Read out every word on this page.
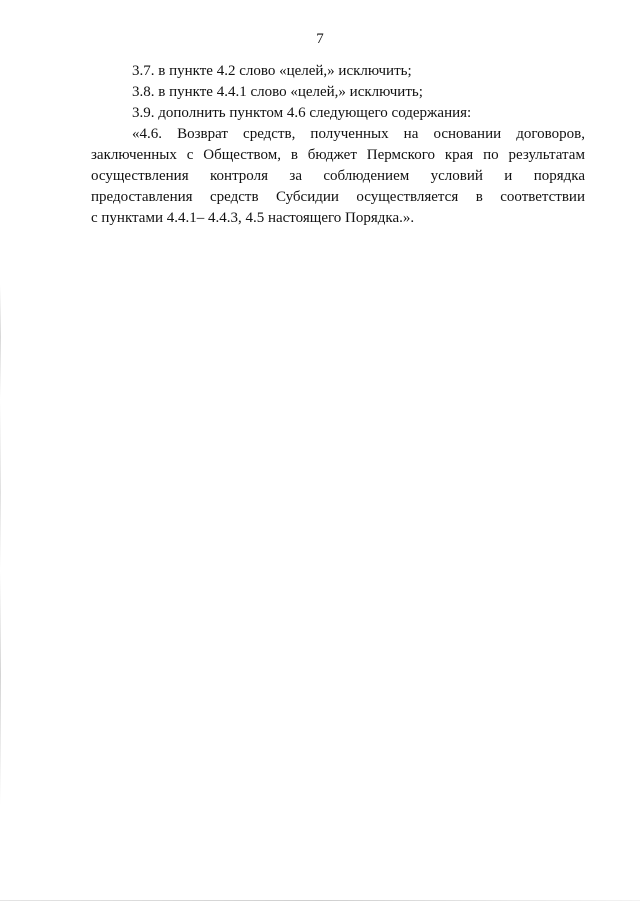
7
3.7. в пункте 4.2 слово «целей,» исключить;
3.8. в пункте 4.4.1 слово «целей,» исключить;
3.9. дополнить пунктом 4.6 следующего содержания:
«4.6. Возврат средств, полученных на основании договоров,
заключенных с Обществом, в бюджет Пермского края по результатам
осуществления контроля за соблюдением условий и порядка
предоставления средств Субсидии осуществляется в соответствии
с пунктами 4.4.1– 4.4.3, 4.5 настоящего Порядка.».
